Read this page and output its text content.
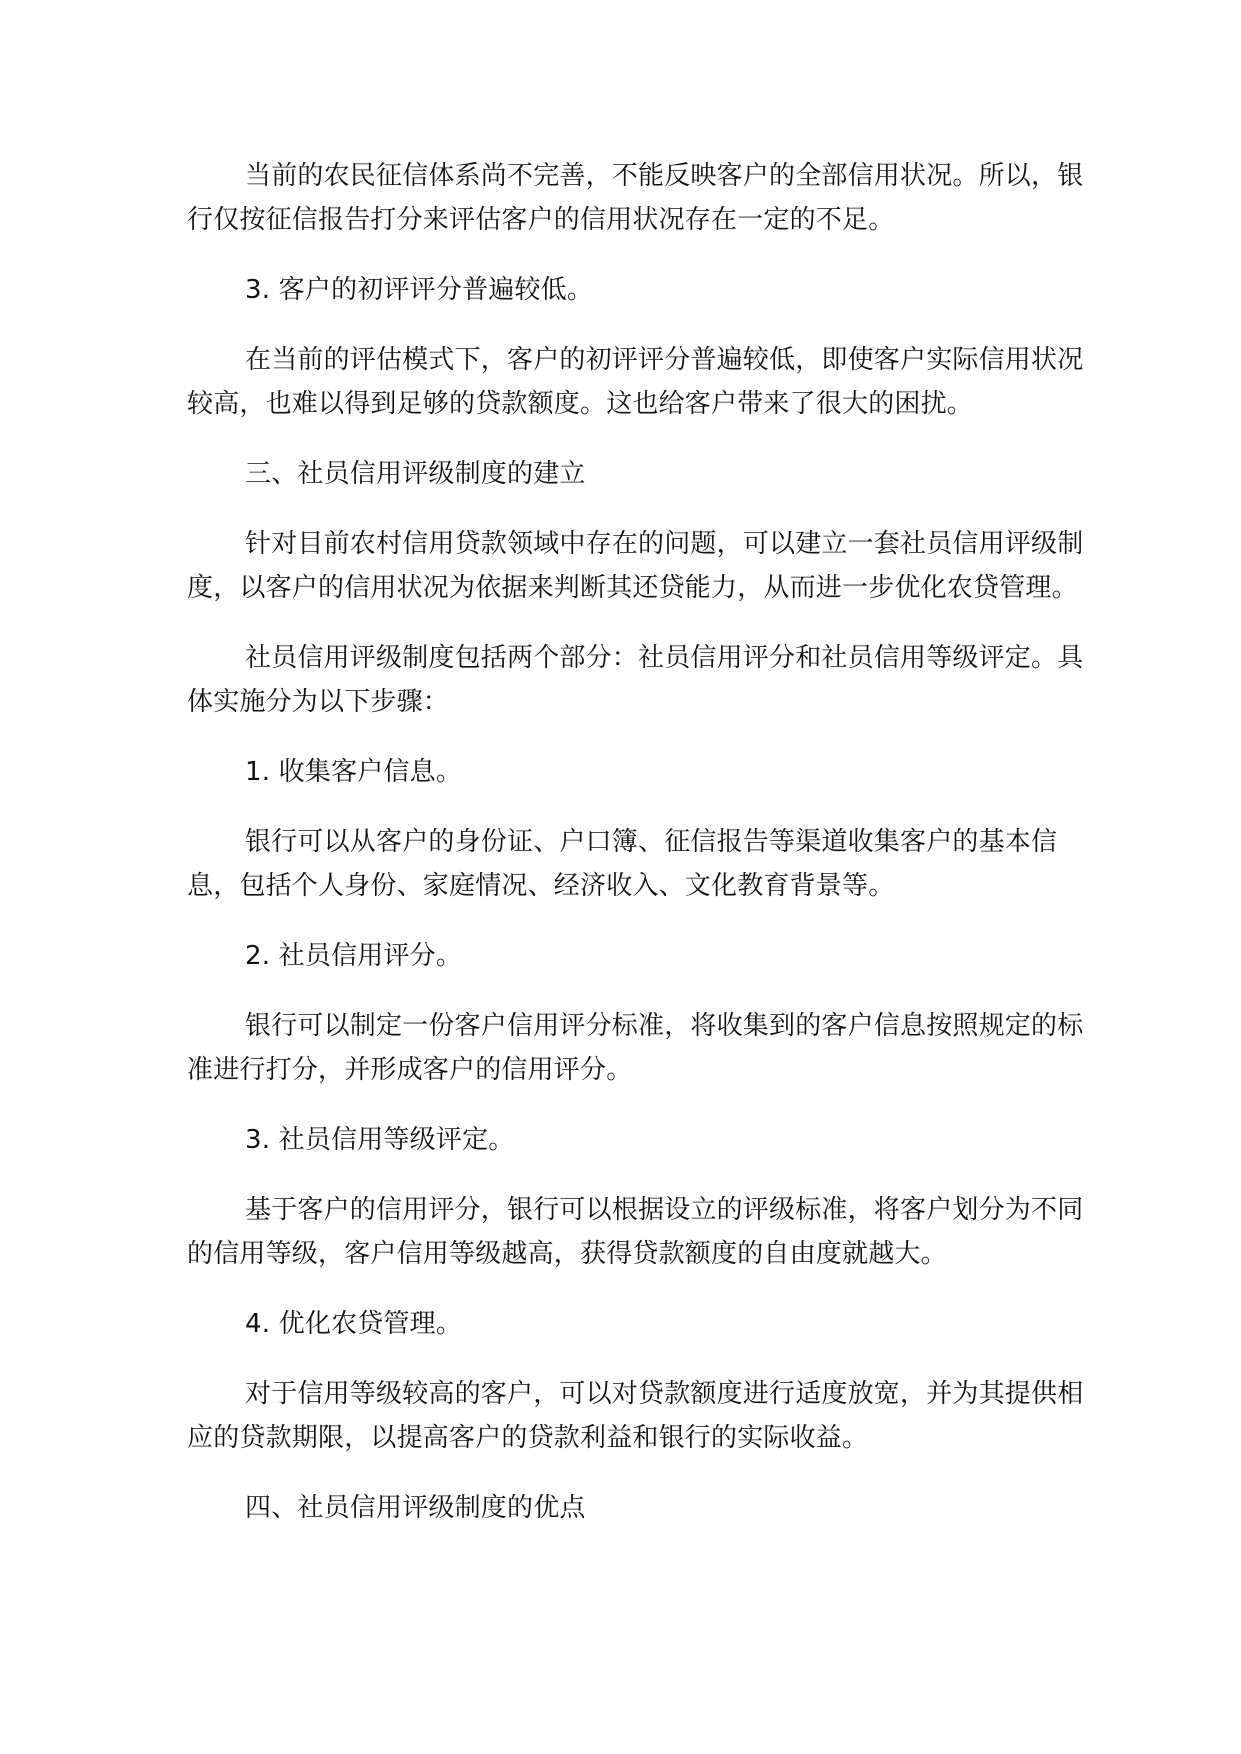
当前的农民征信体系尚不完善，不能反映客户的全部信用状况。所以，银行仅按征信报告打分来评估客户的信用状况存在一定的不足。

3. 客户的初评评分普遍较低。

在当前的评估模式下，客户的初评评分普遍较低，即使客户实际信用状况较高，也难以得到足够的贷款额度。这也给客户带来了很大的困扰。

三、社员信用评级制度的建立

针对目前农村信用贷款领域中存在的问题，可以建立一套社员信用评级制度，以客户的信用状况为依据来判断其还贷能力，从而进一步优化农贷管理。

社员信用评级制度包括两个部分：社员信用评分和社员信用等级评定。具体实施分为以下步骤：

1. 收集客户信息。

银行可以从客户的身份证、户口簿、征信报告等渠道收集客户的基本信息，包括个人身份、家庭情况、经济收入、文化教育背景等。

2. 社员信用评分。

银行可以制定一份客户信用评分标准，将收集到的客户信息按照规定的标准进行打分，并形成客户的信用评分。

3. 社员信用等级评定。

基于客户的信用评分，银行可以根据设立的评级标准，将客户划分为不同的信用等级，客户信用等级越高，获得贷款额度的自由度就越大。

4. 优化农贷管理。

对于信用等级较高的客户，可以对贷款额度进行适度放宽，并为其提供相应的贷款期限，以提高客户的贷款利益和银行的实际收益。

四、社员信用评级制度的优点
